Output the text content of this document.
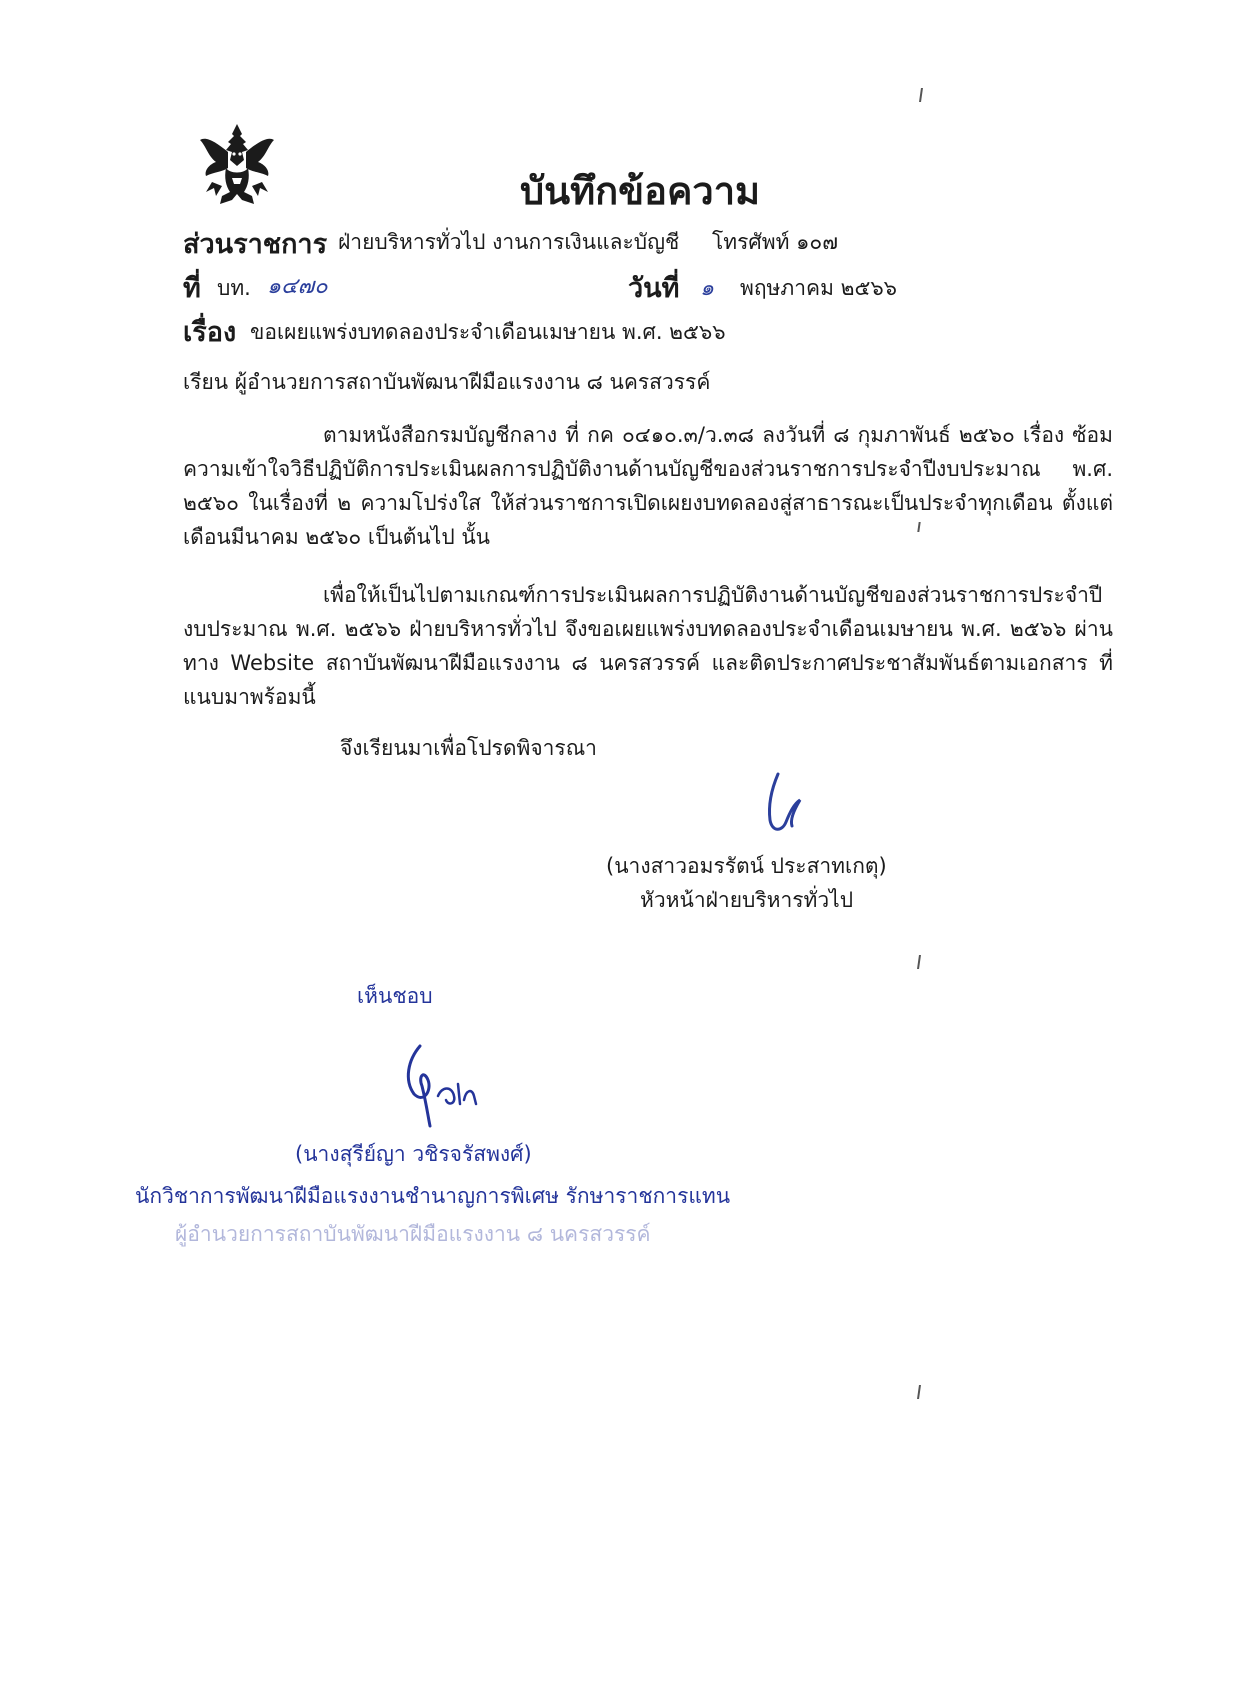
บันทึกข้อความ
ส่วนราชการ ฝ่ายบริหารทั่วไป งานการเงินและบัญชี โทรศัพท์ ๑๐๗
ที่ บท. ๑๔๗๐	วันที่ ๑ พฤษภาคม ๒๕๖๖
เรื่อง ขอเผยแพร่งบทดลองประจำเดือนเมษายน พ.ศ. ๒๕๖๖
เรียน ผู้อำนวยการสถาบันพัฒนาฝีมือแรงงาน ๘ นครสวรรค์
ตามหนังสือกรมบัญชีกลาง ที่ กค ๐๔๑๐.๓/ว.๓๘ ลงวันที่ ๘ กุมภาพันธ์ ๒๕๖๐ เรื่อง ซ้อมความเข้าใจวิธีปฏิบัติการประเมินผลการปฏิบัติงานด้านบัญชีของส่วนราชการประจำปีงบประมาณ พ.ศ. ๒๕๖๐ ในเรื่องที่ ๒ ความโปร่งใส ให้ส่วนราชการเปิดเผยงบทดลองสู่สาธารณะเป็นประจำทุกเดือน ตั้งแต่เดือนมีนาคม ๒๕๖๐ เป็นต้นไป นั้น
เพื่อให้เป็นไปตามเกณฑ์การประเมินผลการปฏิบัติงานด้านบัญชีของส่วนราชการประจำปี งบประมาณ พ.ศ. ๒๕๖๖ ฝ่ายบริหารทั่วไป จึงขอเผยแพร่งบทดลองประจำเดือนเมษายน พ.ศ. ๒๕๖๖ ผ่านทาง Website สถาบันพัฒนาฝีมือแรงงาน ๘ นครสวรรค์ และติดประกาศประชาสัมพันธ์ตามเอกสาร ที่แนบมาพร้อมนี้
จึงเรียนมาเพื่อโปรดพิจารณา
(นางสาวอมรรัตน์ ประสาทเกตุ)
หัวหน้าฝ่ายบริหารทั่วไป
เห็นชอบ
(นางสุรีย์ญา วชิรจรัสพงศ์)
นักวิชาการพัฒนาฝีมือแรงงานชำนาญการพิเศษ รักษาราชการแทน
ผู้อำนวยการสถาบันพัฒนาฝีมือแรงงาน ๘ นครสวรรค์
